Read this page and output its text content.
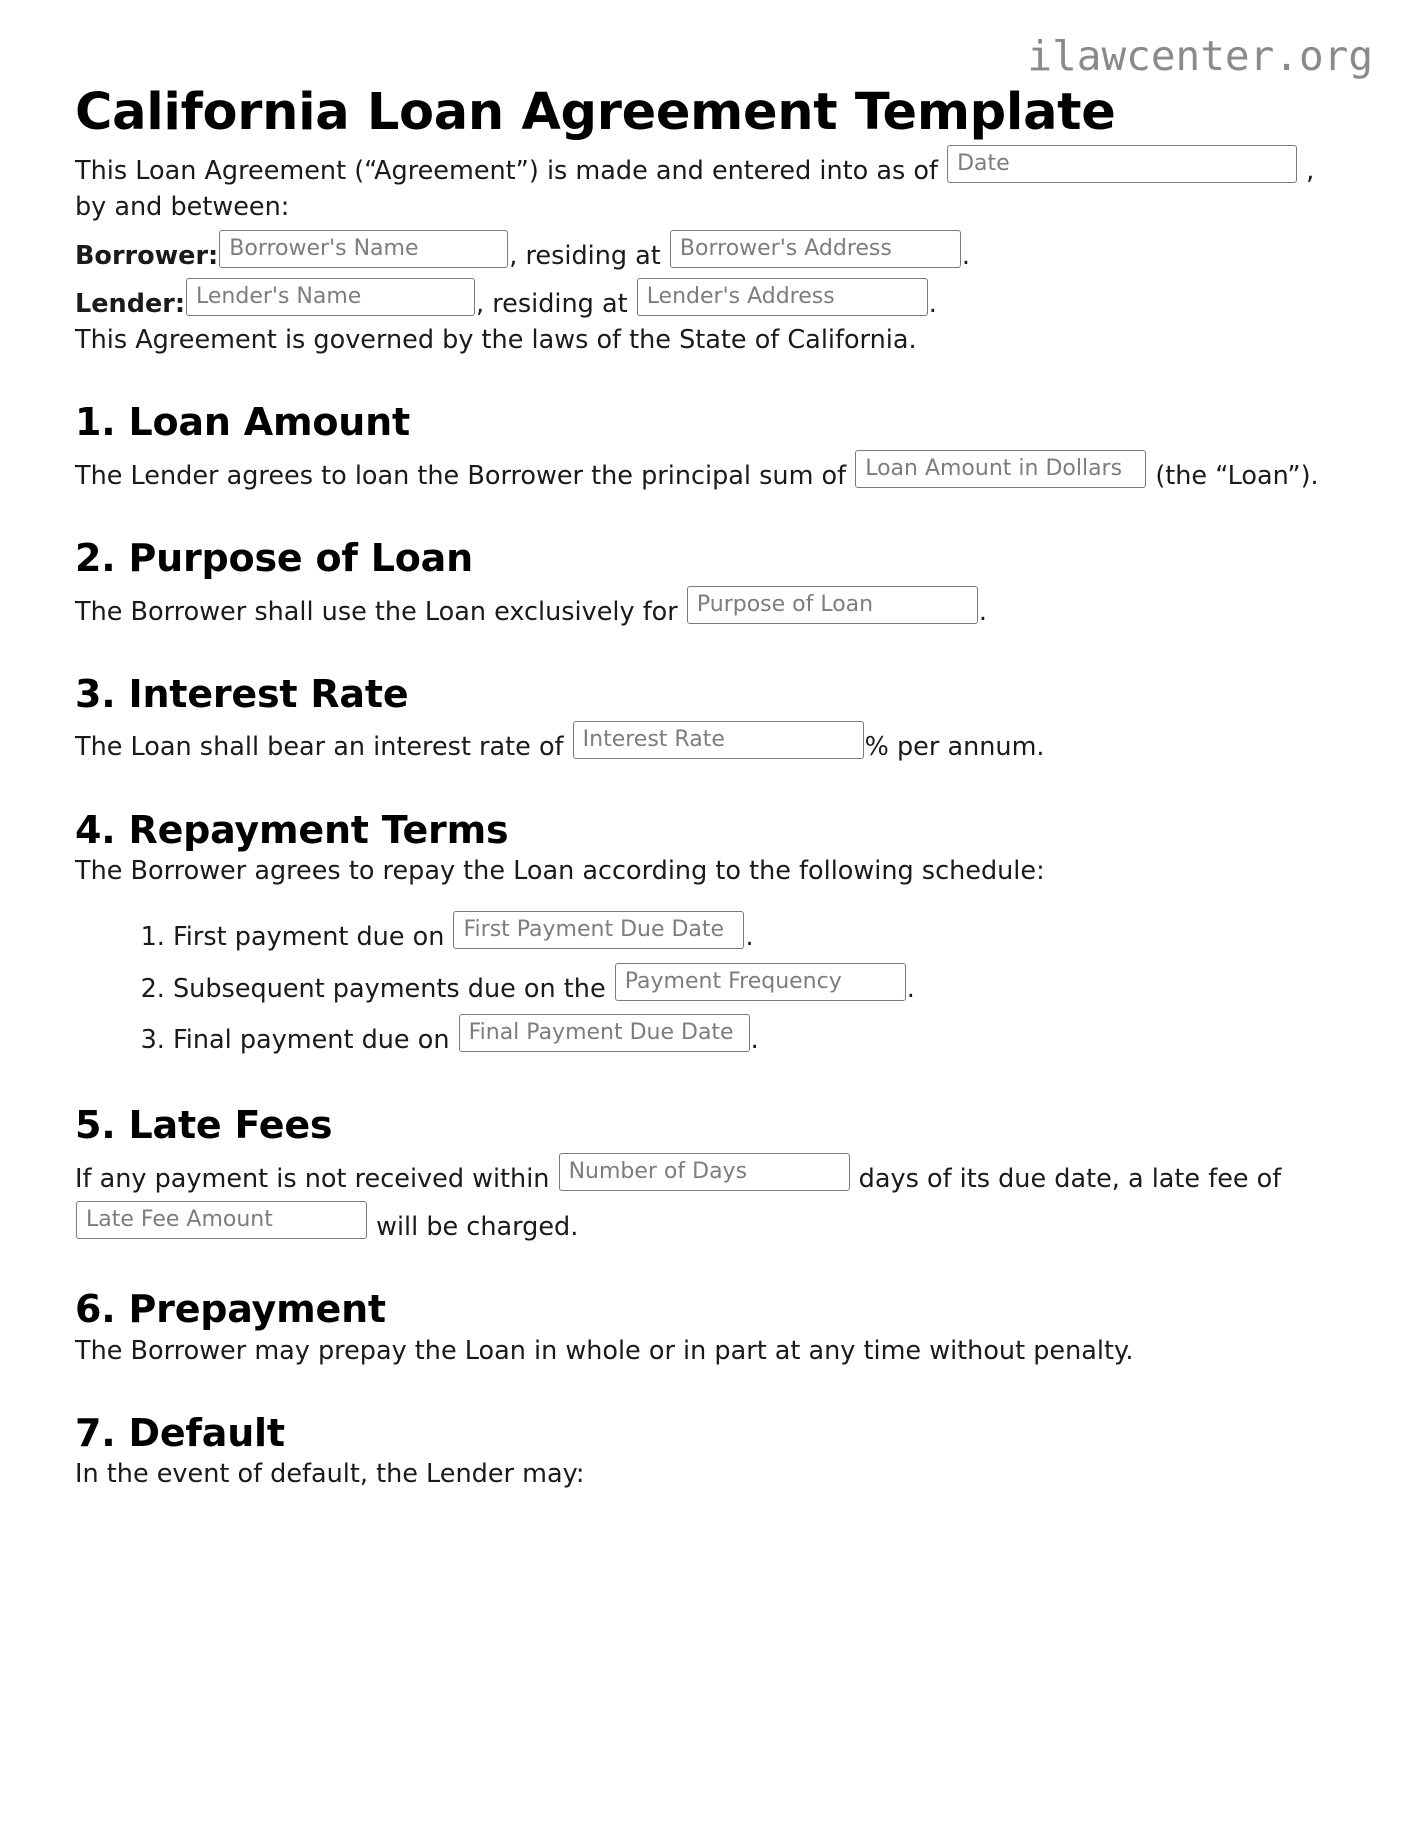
ilawcenter.org
California Loan Agreement Template

This Loan Agreement (“Agreement”) is made and entered into as of Date	, by and between:

Borrower: Borrower's Name	, residing at Borrower's Address	.

Lender: Lender's Name	, residing at Lender's Address	.

This Agreement is governed by the laws of the State of California.

1. Loan Amount

The Lender agrees to loan the Borrower the principal sum of Loan Amount in Dollars (the “Loan”).

2. Purpose of Loan

The Borrower shall use the Loan exclusively for Purpose of Loan	.

3. Interest Rate

The Loan shall bear an interest rate of Interest Rate	% per annum.

4. Repayment Terms

The Borrower agrees to repay the Loan according to the following schedule:

1. First payment due on First Payment Due Date .
2. Subsequent payments due on the Payment Frequency	.
3. Final payment due on Final Payment Due Date .
5. Late Fees

If any payment is not received within Number of Days	days of its due date, a late fee of Late Fee Amount	will be charged.

6. Prepayment

The Borrower may prepay the Loan in whole or in part at any time without penalty.

7. Default

In the event of default, the Lender may:
